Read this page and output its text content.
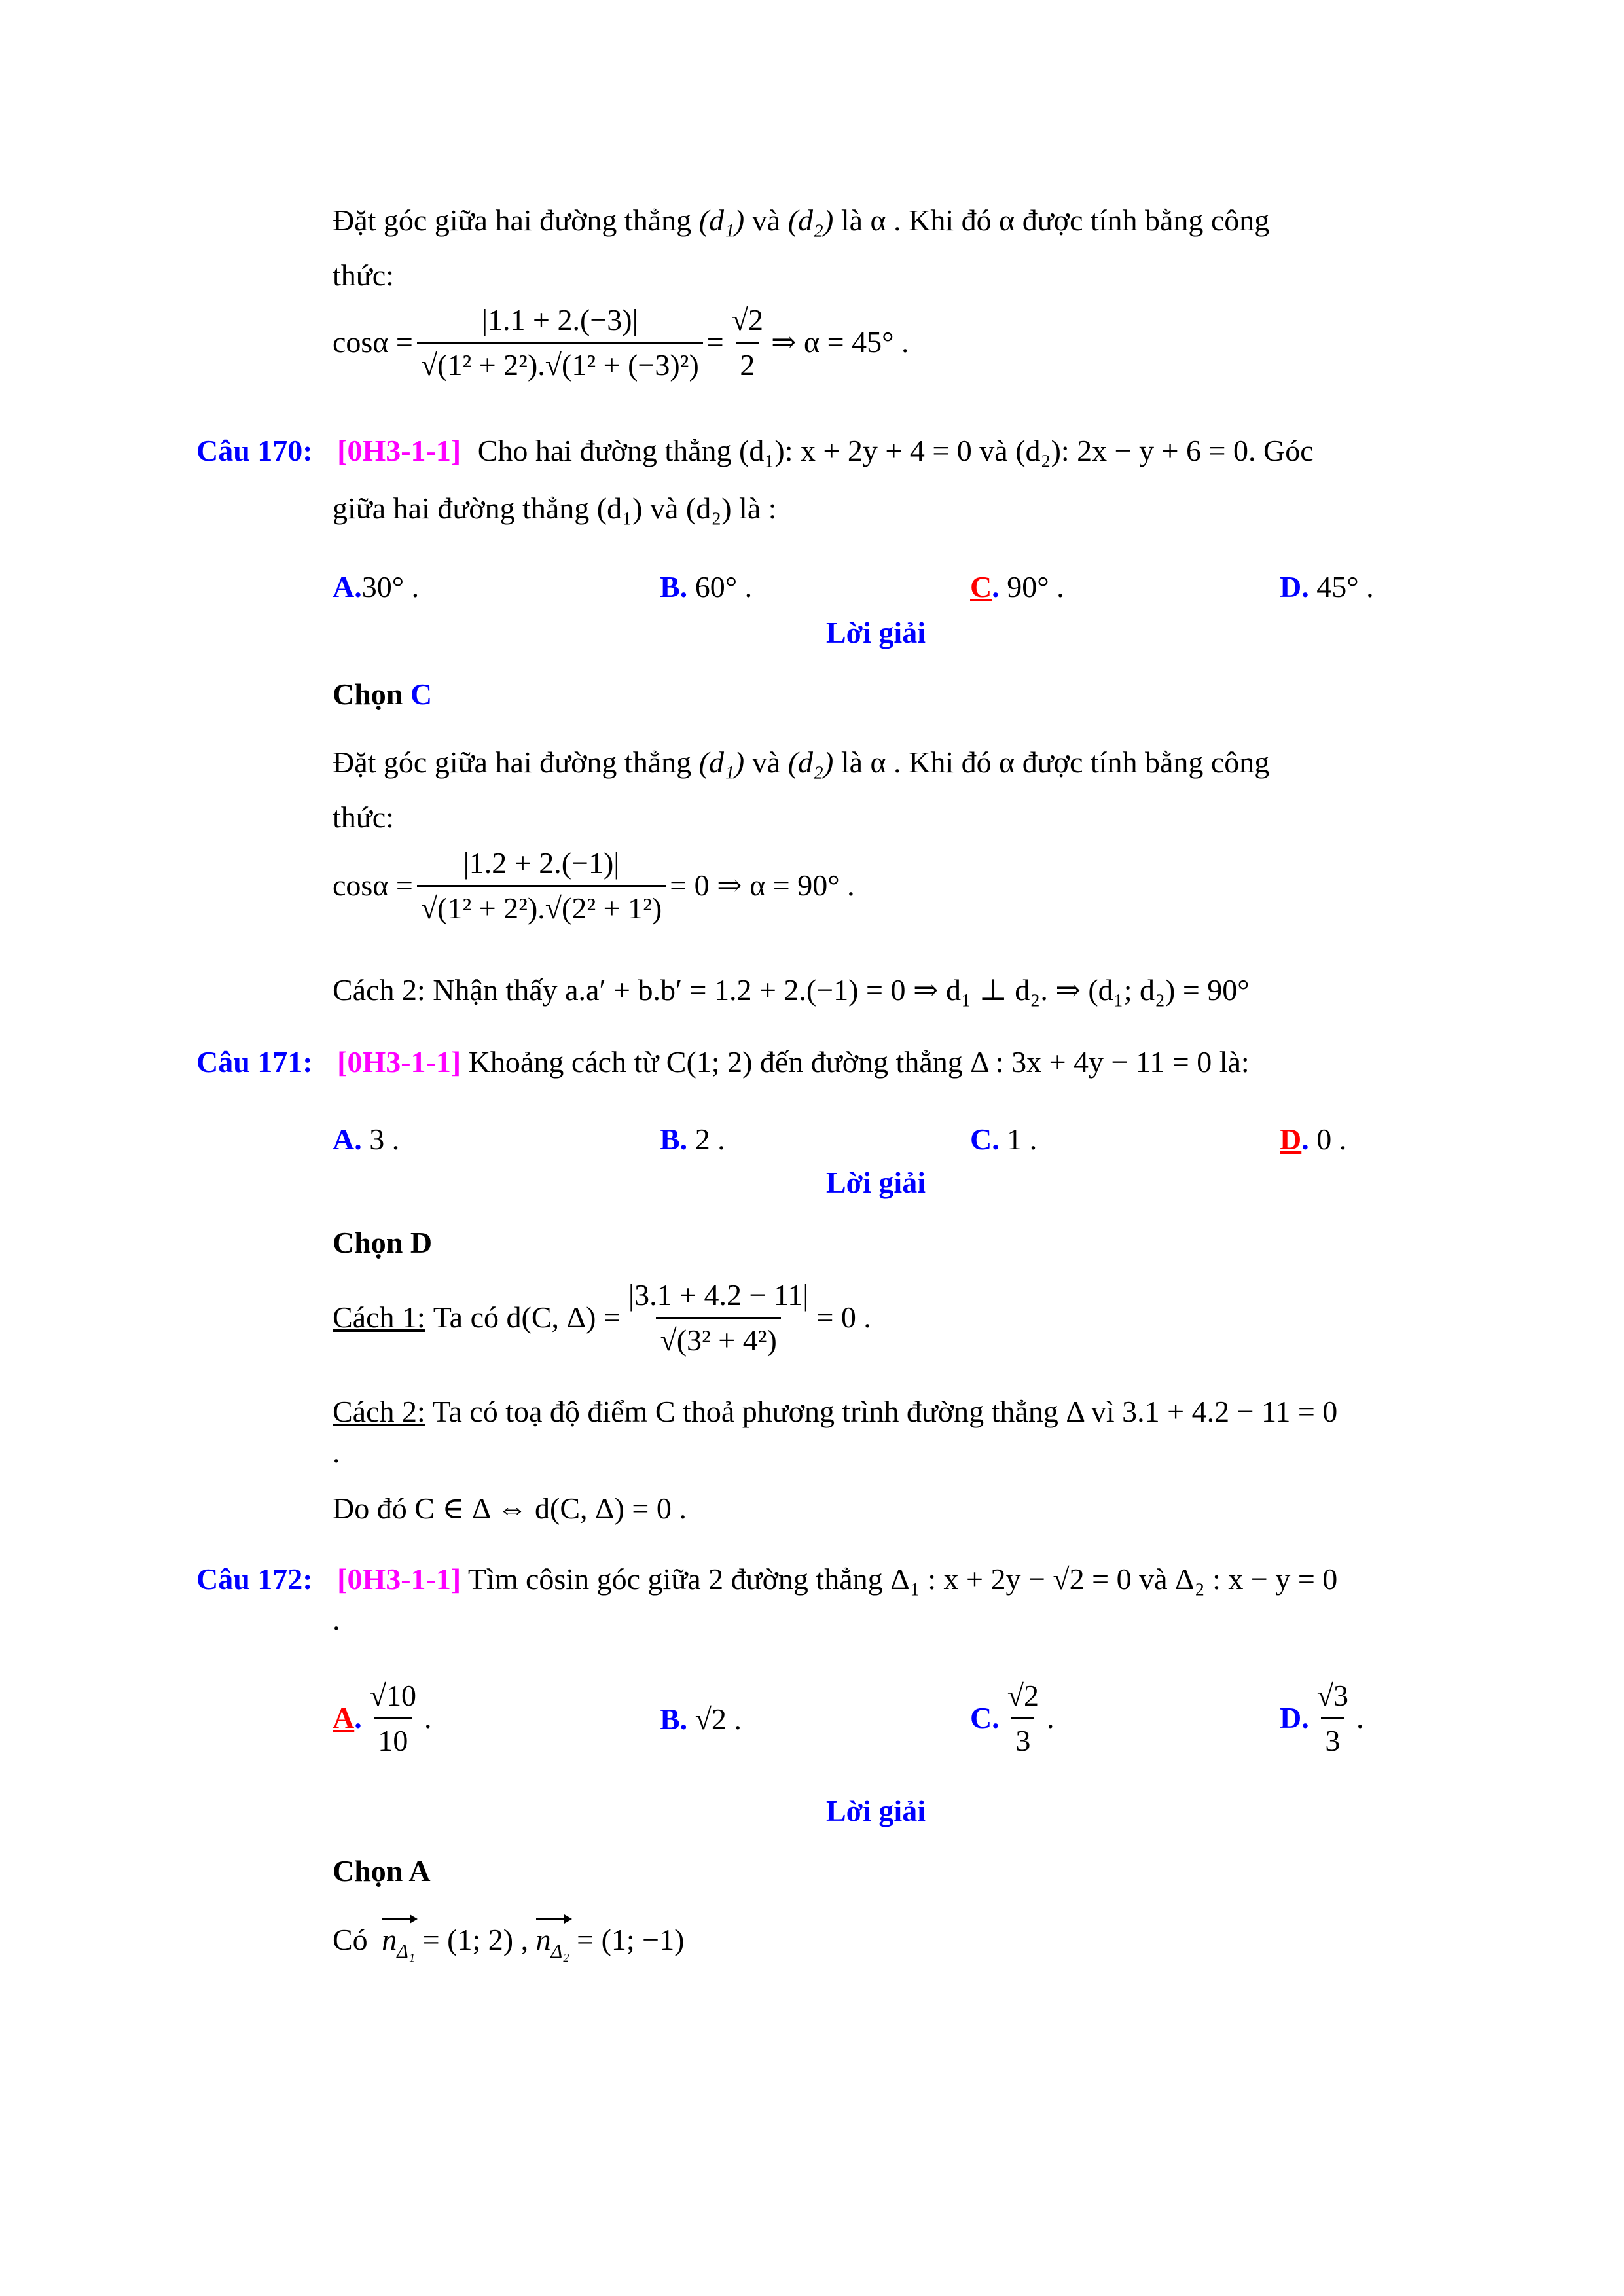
Đặt góc giữa hai đường thẳng (d₁) và (d₂) là α . Khi đó α được tính bằng công
thức:
$\cos\alpha = \frac{|1.1 + 2.(-3)|}{\text{√(1² + 2²).√(1² + (−3)²)}} = \frac{√2}{2}$ ⇒ α = 45° .
Câu 170: [0H3-1-1] Cho hai đường thẳng (d₁): x + 2y + 4 = 0 và (d₂): 2x − y + 6 = 0. Góc
giữa hai đường thẳng (d₁) và (d₂) là :
A.30° .	B. 60° .	C. 90° .	D. 45° .
Lời giải
Chọn C
Đặt góc giữa hai đường thẳng (d₁) và (d₂) là α . Khi đó α được tính bằng công
thức:
$\cos\alpha = \frac{|1.2 + 2.(-1)|}{\text{√(1² + 2²).√(2² + 1²)}} = 0$ ⇒ α = 90° .
Cách 2: Nhận thấy a.a′ + b.b′ = 1.2 + 2.(−1) = 0 ⇒ d₁ ⊥ d₂. ⇒ (d₁; d₂) = 90°
Câu 171: [0H3-1-1] Khoảng cách từ C(1; 2) đến đường thẳng Δ : 3x + 4y − 11 = 0 là:
A. 3 .	B. 2 .	C. 1 .	D. 0 .
Lời giải
Chọn D
Cách 1: Ta có d(C, $\Delta) = \frac{|3.1 + 4.2 - 11|}{\text{√(3² + 4²)}} = 0$ .
Cách 2: Ta có toạ độ điểm C thoả phương trình đường thẳng Δ vì 3.1 + 4.2 − 11 = 0
.
Do đó C ∈ Δ ⇔ d(C, Δ) = 0 .
Câu 172: [0H3-1-1] Tìm côsin góc giữa 2 đường thẳng Δ₁ : x + 2y − √2 = 0 và Δ₂ : x − y = 0
.
A . $\frac{√10}{10}$ .	B. √2 .	C. $\frac{√2}{3}$ .	D. $\frac{√3}{3}$ .
Lời giải
Chọn A
Có $n_{\Delta_1} = (1$; 2) , $n_{\Delta_2} = (1$; −1)
